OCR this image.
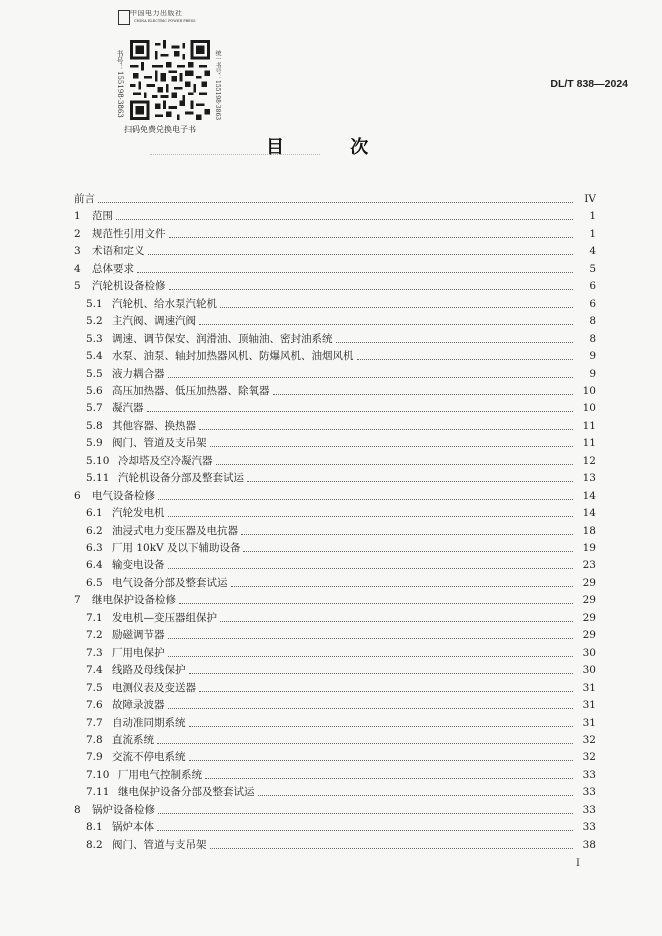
中国电力出版社
CHINA ELECTRIC POWER PRESS
书号：155198·3863	统一书号：155198·3863
扫码免费兑换电子书
DL/T 838—2024
目 次
前言	IV
1	范围	1
2	规范性引用文件	1
3	术语和定义	4
4	总体要求	5
5	汽轮机设备检修	6
5.1 汽轮机、给水泵汽轮机	6
5.2 主汽阀、调速汽阀	8
5.3 调速、调节保安、润滑油、顶轴油、密封油系统	8
5.4 水泵、油泵、轴封加热器风机、防爆风机、油烟风机	9
5.5 液力耦合器	9
5.6 高压加热器、低压加热器、除氧器	10
5.7 凝汽器	10
5.8 其他容器、换热器	11
5.9 阀门、管道及支吊架	11
5.10 冷却塔及空冷凝汽器	12
5.11 汽轮机设备分部及整套试运	13
6	电气设备检修	14
6.1 汽轮发电机	14
6.2 油浸式电力变压器及电抗器	18
6.3 厂用 10kV 及以下辅助设备	19
6.4 输变电设备	23
6.5 电气设备分部及整套试运	29
7	继电保护设备检修	29
7.1 发电机—变压器组保护	29
7.2 励磁调节器	29
7.3 厂用电保护	30
7.4 线路及母线保护	30
7.5 电测仪表及变送器	31
7.6 故障录波器	31
7.7 自动准同期系统	31
7.8 直流系统	32
7.9 交流不停电系统	32
7.10 厂用电气控制系统	33
7.11 继电保护设备分部及整套试运	33
8	锅炉设备检修	33
8.1 锅炉本体	33
8.2 阀门、管道与支吊架	38
I
